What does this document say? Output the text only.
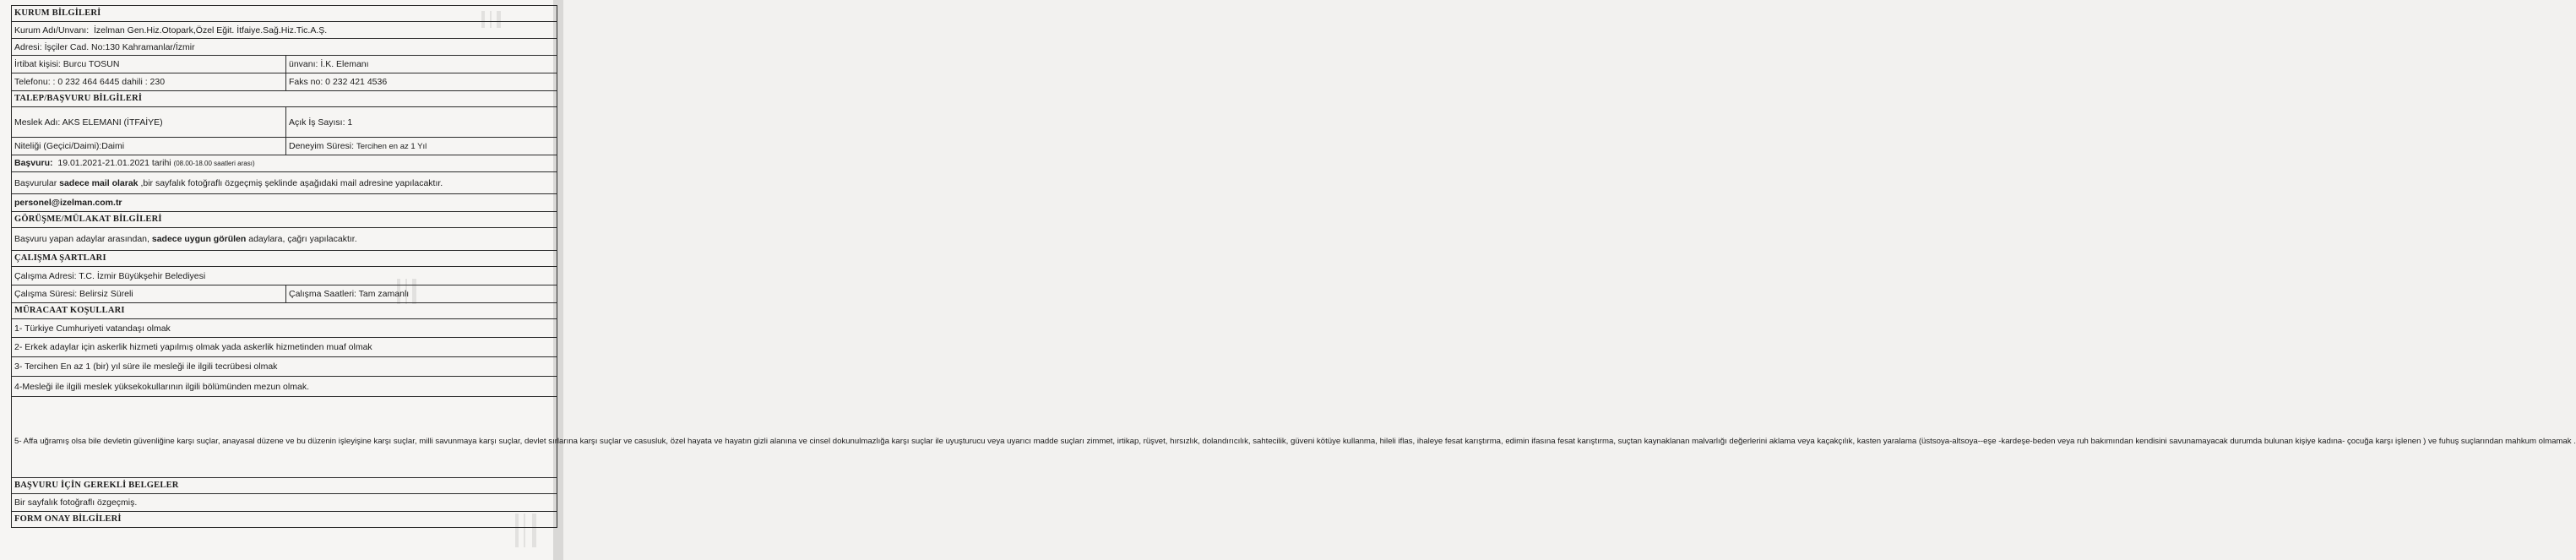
KURUM BİLGİLERİ	
Kurum Adı/Unvanı: İzelman Gen.Hiz.Otopark,Özel Eğit. İtfaiye.Sağ.Hiz.Tic.A.Ş.	
Adresi: İşçiler Cad. No:130 Kahramanlar/İzmir	
İrtibat kişisi: Burcu TOSUN	ünvanı: İ.K. Elemanı
Telefonu: : 0 232 464 6445 dahili : 230	Faks no: 0 232 421 4536
TALEP/BAŞVURU BİLGİLERİ	
Meslek Adı: AKS ELEMANI (İTFAİYE)	Açık İş Sayısı: 1
Niteliği (Geçici/Daimi):Daimi	Deneyim Süresi: Tercihen en az 1 Yıl
Başvuru: 19.01.2021-21.01.2021 tarihi (08.00-18.00 saatleri arası)	
Başvurular sadece mail olarak ,bir sayfalık fotoğraflı özgeçmiş şeklinde aşağıdaki mail adresine yapılacaktır.	
personel@izelman.com.tr	
GÖRÜŞME/MÜLAKAT BİLGİLERİ	
Başvuru yapan adaylar arasından, sadece uygun görülen adaylara, çağrı yapılacaktır.	
ÇALIŞMA ŞARTLARI	
Çalışma Adresi: T.C. İzmir Büyükşehir Belediyesi	
Çalışma Süresi: Belirsiz Süreli	Çalışma Saatleri: Tam zamanlı
MÜRACAAT KOŞULLARI	
1- Türkiye Cumhuriyeti vatandaşı olmak	
2- Erkek adaylar için askerlik hizmeti yapılmış olmak yada askerlik hizmetinden muaf olmak	
3- Tercihen En az 1 (bir) yıl süre ile mesleği ile ilgili tecrübesi olmak	
4-Mesleği ile ilgili meslek yüksekokullarının ilgili bölümünden mezun olmak.	
5- Affa uğramış olsa bile devletin güvenliğine karşı suçlar, anayasal düzene ve bu düzenin işleyişine karşı suçlar, milli savunmaya karşı suçlar, devlet sırlarına karşı suçlar ve casusluk, özel hayata ve hayatın gizli alanına ve cinsel dokunulmazlığa karşı suçlar ile uyuşturucu veya uyarıcı madde suçları zimmet, irtikap, rüşvet, hırsızlık, dolandırıcılık, sahtecilik, güveni kötüye kullanma, hileli iflas, ihaleye fesat karıştırma, edimin ifasına fesat karıştırma, suçtan kaynaklanan malvarlığı değerlerini aklama veya kaçakçılık, kasten yaralama (üstsoya-altsoya--eşe -kardeşe-beden veya ruh bakımından kendisini savunamayacak durumda bulunan kişiye kadına- çocuğa karşı işlenen ) ve fuhuş suçlarından mahkum olmamak .	
BAŞVURU İÇİN GEREKLİ BELGELER	
Bir sayfalık fotoğraflı özgeçmiş.	
FORM ONAY BİLGİLERİ	
